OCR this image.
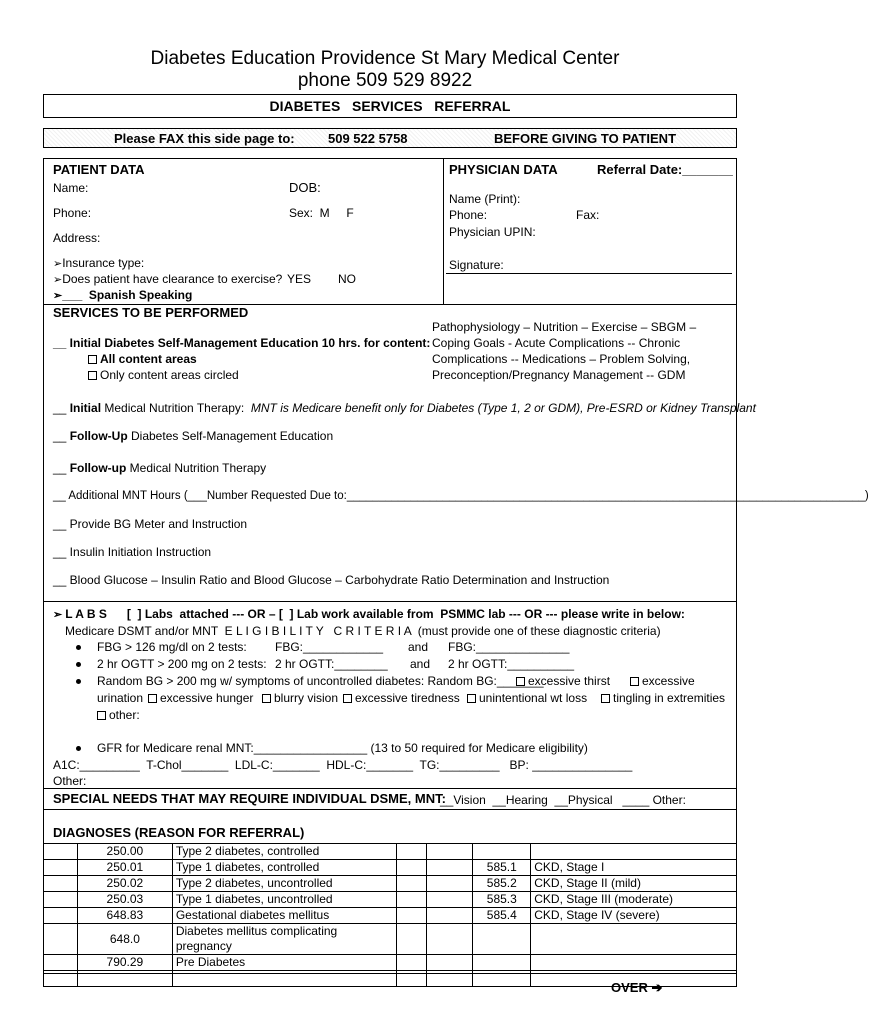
Diabetes Education Providence St Mary Medical Center
phone 509 529 8922
DIABETES   SERVICES   REFERRAL
Please FAX this side page to:	509 522 5758	BEFORE GIVING TO PATIENT
PATIENT DATA
Name:	DOB:
Phone:	Sex:  M     F
Address:
➢Insurance type:
➢Does patient have clearance to exercise? YES NO
➢___  Spanish Speaking
PHYSICIAN DATA	Referral Date:_______
Name (Print):
Phone:	Fax:
Physician UPIN:
Signature:
SERVICES TO BE PERFORMED
__ Initial Diabetes Self-Management Education 10 hrs. for content:
All content areas
Only content areas circled
Pathophysiology – Nutrition – Exercise – SBGM –
Coping Goals - Acute Complications -- Chronic
Complications -- Medications – Problem Solving,
Preconception/Pregnancy Management -- GDM
__ Initial Medical Nutrition Therapy:  MNT is Medicare benefit only for Diabetes (Type 1, 2 or GDM), Pre-ESRD or Kidney Transplant
__ Follow-Up Diabetes Self-Management Education
__ Follow-up Medical Nutrition Therapy
__ Additional MNT Hours (___Number Requested Due to:_________________________________________________________________________________)
__ Provide BG Meter and Instruction
__ Insulin Initiation Instruction
__ Blood Glucose – Insulin Ratio and Blood Glucose – Carbohydrate Ratio Determination and Instruction
➢ L A B S      [  ] Labs  attached --- OR – [  ] Lab work available from  PSMMC lab --- OR --- please write in below:
Medicare DSMT and/or MNT  E L I G I B I L I T Y   C R I T E R I A  (must provide one of these diagnostic criteria)
FBG > 126 mg/dl on 2 tests: FBG:____________ and FBG:______________
2 hr OGTT > 200 mg on 2 tests: 2 hr OGTT:________ and 2 hr OGTT:__________
Random BG > 200 mg w/ symptoms of uncontrolled diabetes: Random BG:_______
excessive thirst	excessive
urination	excessive hunger	blurry vision	excessive tiredness	unintentional wt loss	tingling in extremities
other:
GFR for Medicare renal MNT:_________________ (13 to 50 required for Medicare eligibility)
A1C:_________  T-Chol_______  LDL-C:_______  HDL-C:_______  TG:_________   BP: _______________
Other:
SPECIAL NEEDS THAT MAY REQUIRE INDIVIDUAL DSME, MNT:
__Vision  __Hearing  __Physical   ____ Other:
DIAGNOSES (REASON FOR REFERRAL)
	250.00	Type 2 diabetes, controlled				
	250.01	Type 1 diabetes, controlled			585.1	CKD, Stage I
	250.02	Type 2 diabetes, uncontrolled			585.2	CKD, Stage II (mild)
	250.03	Type 1 diabetes, uncontrolled			585.3	CKD, Stage III (moderate)
	648.83	Gestational diabetes mellitus			585.4	CKD, Stage IV (severe)
	648.0	Diabetes mellitus complicating pregnancy				
	790.29	Pre Diabetes				

OVER ➔
